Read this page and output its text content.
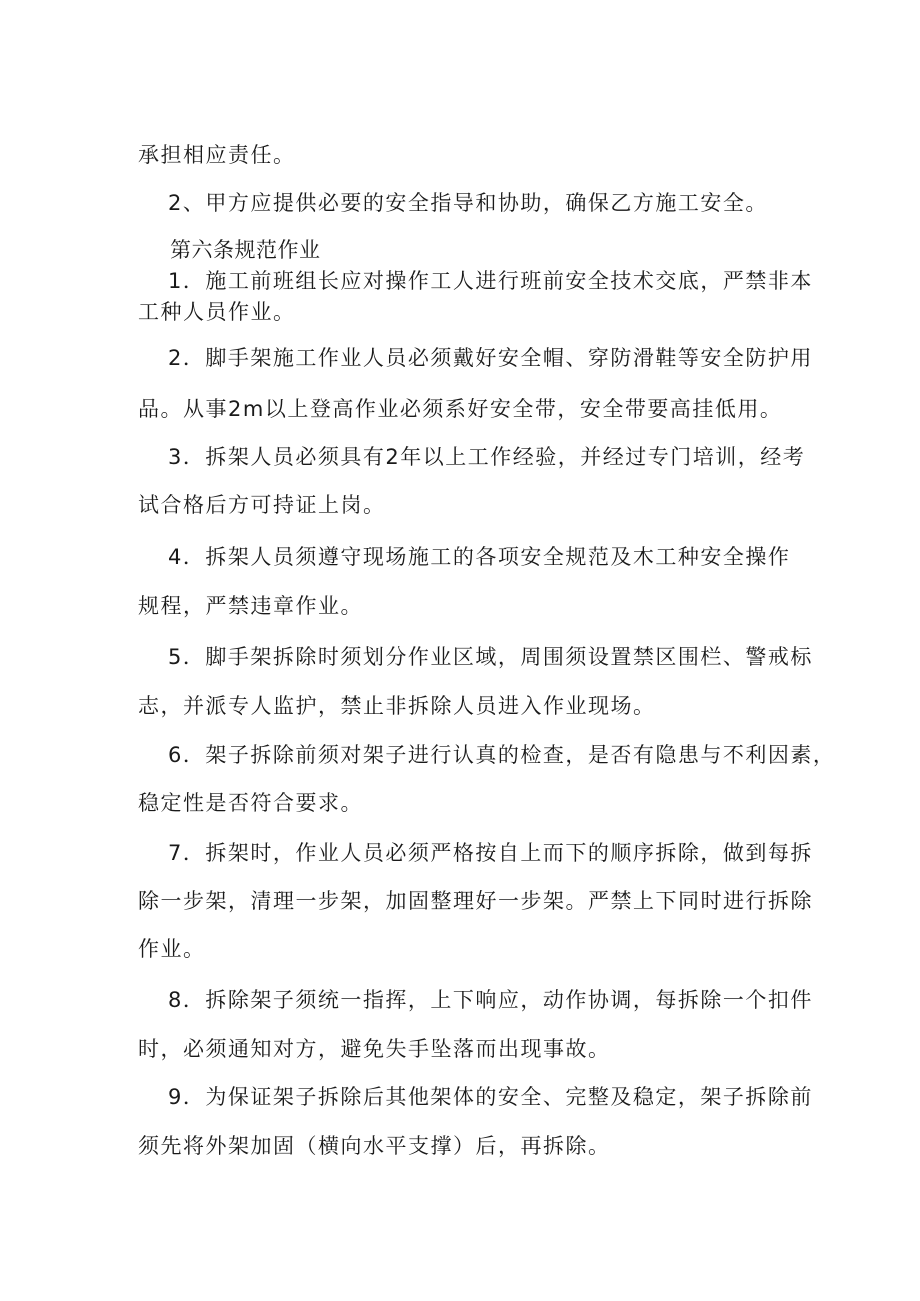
承担相应责任。
2、甲方应提供必要的安全指导和协助，确保乙方施工安全。
第六条规范作业
1．施工前班组长应对操作工人进行班前安全技术交底，严禁非本
工种人员作业。
2．脚手架施工作业人员必须戴好安全帽、穿防滑鞋等安全防护用
品。从事2m以上登高作业必须系好安全带，安全带要高挂低用。
3．拆架人员必须具有2年以上工作经验，并经过专门培训，经考
试合格后方可持证上岗。
4．拆架人员须遵守现场施工的各项安全规范及木工种安全操作
规程，严禁违章作业。
5．脚手架拆除时须划分作业区域，周围须设置禁区围栏、警戒标
志，并派专人监护，禁止非拆除人员进入作业现场。
6．架子拆除前须对架子进行认真的检查，是否有隐患与不利因素，
稳定性是否符合要求。
7．拆架时，作业人员必须严格按自上而下的顺序拆除，做到每拆
除一步架，清理一步架，加固整理好一步架。严禁上下同时进行拆除
作业。
8．拆除架子须统一指挥，上下响应，动作协调，每拆除一个扣件
时，必须通知对方，避免失手坠落而出现事故。
9．为保证架子拆除后其他架体的安全、完整及稳定，架子拆除前
须先将外架加固（横向水平支撑）后，再拆除。
